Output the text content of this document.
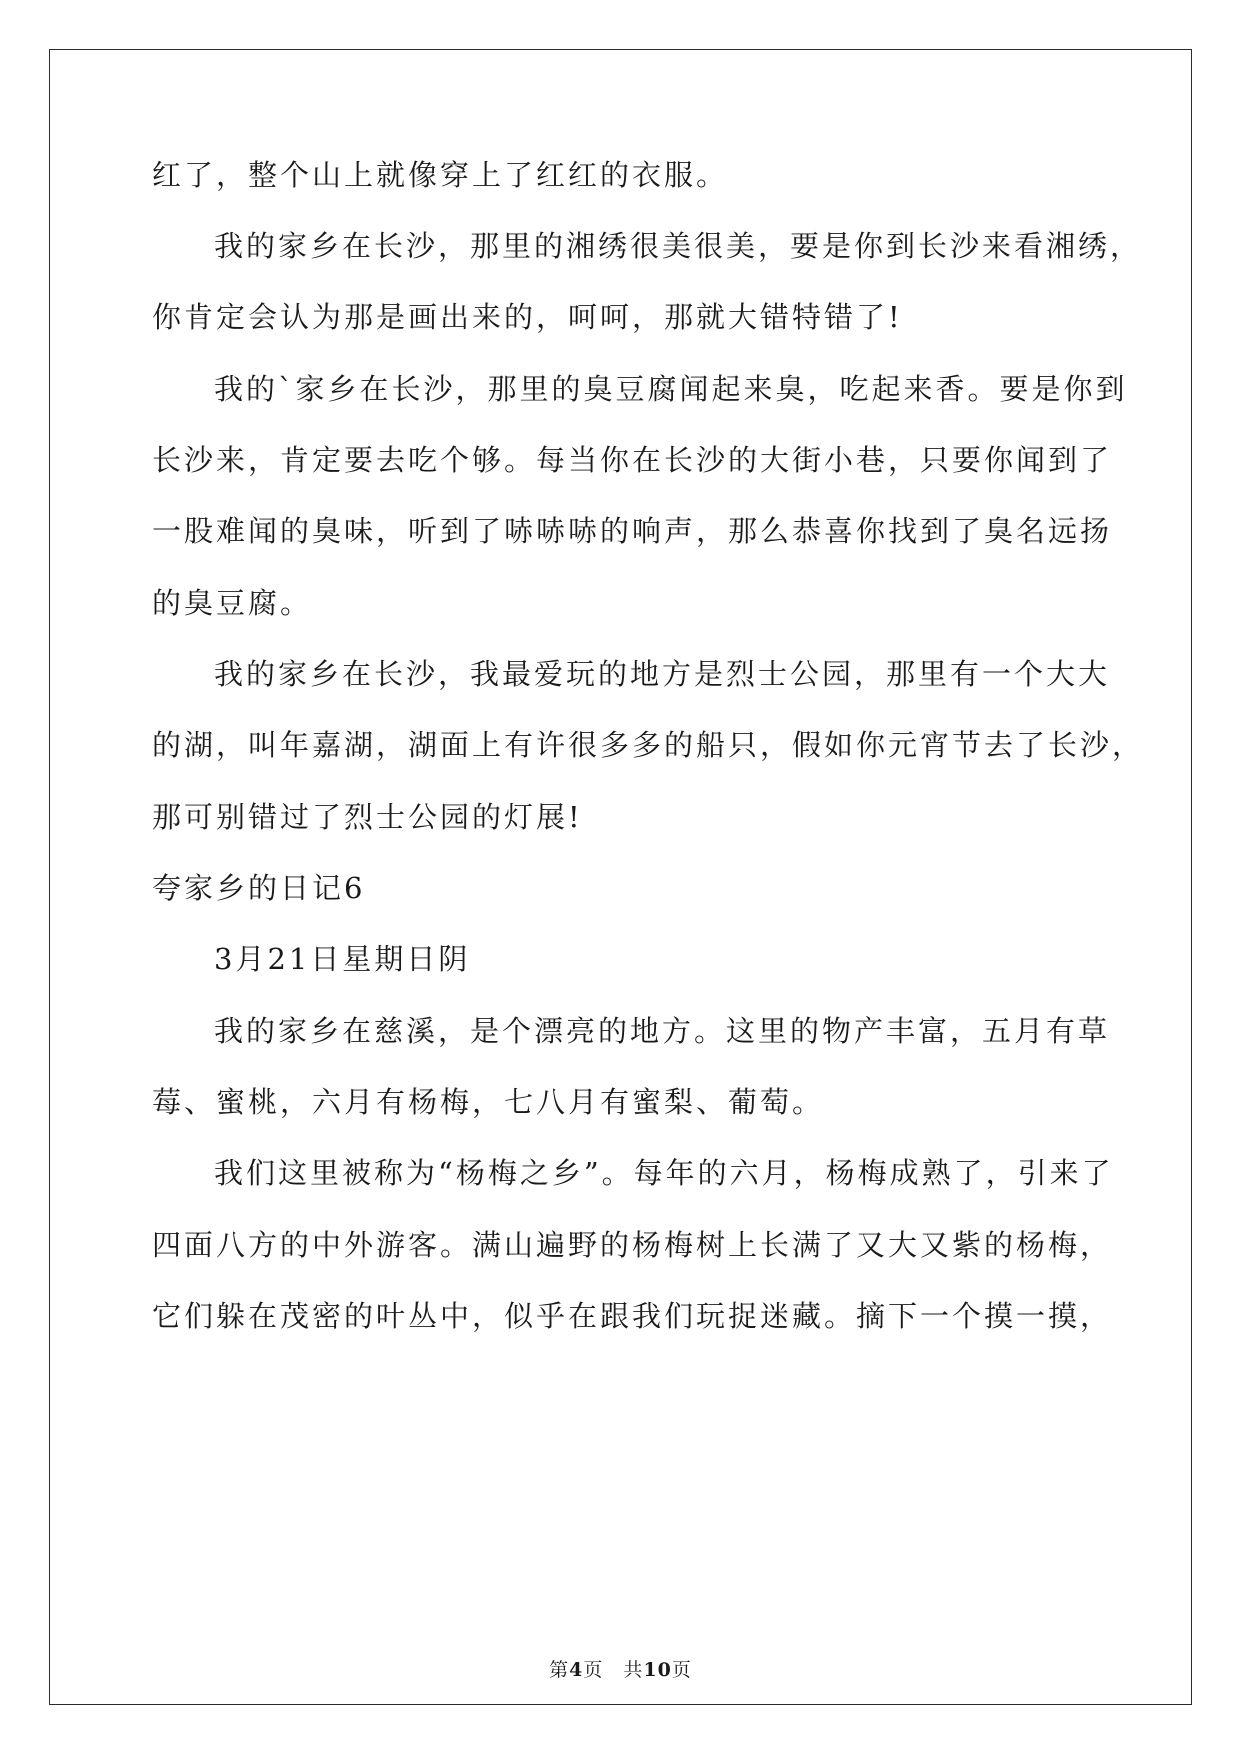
红了，整个山上就像穿上了红红的衣服。
我的家乡在长沙，那里的湘绣很美很美，要是你到长沙来看湘绣，
你肯定会认为那是画出来的，呵呵，那就大错特错了!
我的`家乡在长沙，那里的臭豆腐闻起来臭，吃起来香。要是你到
长沙来，肯定要去吃个够。每当你在长沙的大街小巷，只要你闻到了
一股难闻的臭味，听到了哧哧哧的响声，那么恭喜你找到了臭名远扬
的臭豆腐。
我的家乡在长沙，我最爱玩的地方是烈士公园，那里有一个大大
的湖，叫年嘉湖，湖面上有许很多多的船只，假如你元宵节去了长沙，
那可别错过了烈士公园的灯展!
夸家乡的日记6
3月21日星期日阴
我的家乡在慈溪，是个漂亮的地方。这里的物产丰富，五月有草
莓、蜜桃，六月有杨梅，七八月有蜜梨、葡萄。
我们这里被称为“杨梅之乡”。每年的六月，杨梅成熟了，引来了
四面八方的中外游客。满山遍野的杨梅树上长满了又大又紫的杨梅，
它们躲在茂密的叶丛中，似乎在跟我们玩捉迷藏。摘下一个摸一摸，
第4页　共10页
